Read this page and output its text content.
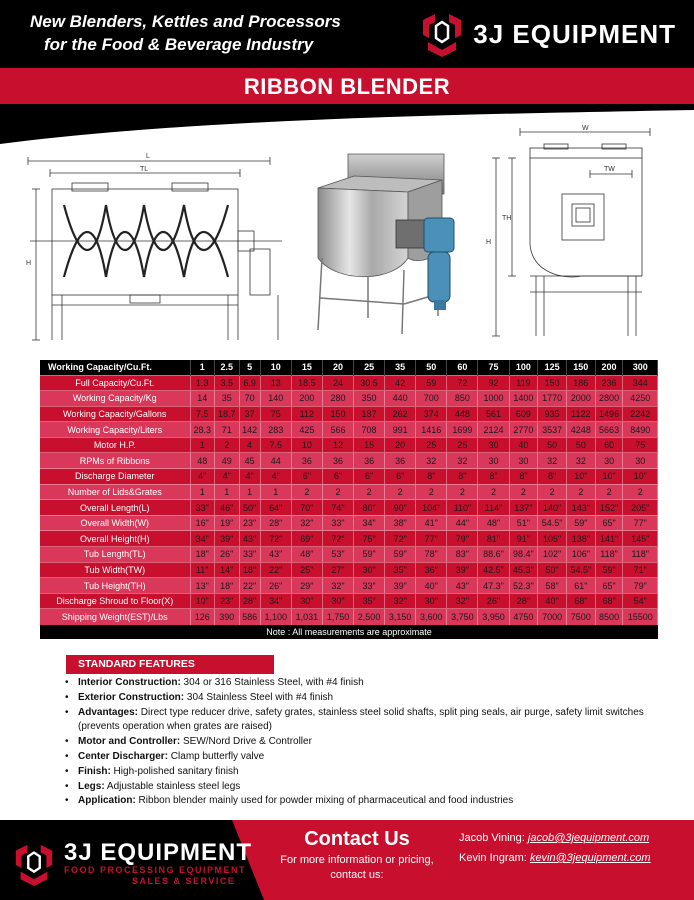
New Blenders, Kettles and Processors
for the Food & Beverage Industry	3J EQUIPMENT
RIBBON BLENDER
L
TL
H
W
TW
H
TH
Working Capacity/Cu.Ft.	1	2.5	5	10	15	20	25	35	50	60	75	100	125	150	200	300
Full Capacity/Cu.Ft.	1.3	3.5	6.9	13	18.5	24	30.5	42	59	72	92	119	150	186	236	344
Working Capacity/Kg	14	35	70	140	200	280	350	440	700	850	1000	1400	1770	2000	2800	4250
Working Capacity/Gallons	7.5	18.7	37	75	112	150	187	262	374	448	561	609	935	1122	1496	2242
Working Capacity/Liters	28.3	71	142	283	425	566	708	991	1416	1699	2124	2770	3537	4248	5663	8490
Motor H.P.	1	2	4	7.5	10	12	15	20	25	25	30	40	50	50	60	75
RPMs of Ribbons	48	49	45	44	36	36	36	36	32	32	30	30	32	32	30	30
Discharge Diameter	4"	4"	4"	4"	6"	6"	6"	6"	8"	8"	8"	8"	8"	10"	10"	10"
Number of Lids&Grates	1	1	1	1	2	2	2	2	2	2	2	2	2	2	2	2
Overall Length(L)	33"	46"	50"	64"	70"	74"	80"	90"	104"	110"	114"	137"	140"	143"	152"	205"
Overall Width(W)	16"	19"	23"	28"	32"	33"	34"	38"	41"	44"	48"	51"	54.5"	59"	65"	77"
Overall Height(H)	34"	39"	43"	72"	69"	72"	75"	72"	77"	79"	81"	91"	105"	138"	141"	145"
Tub Length(TL)	18"	26"	33"	43"	48"	53"	59"	59"	78"	83"	88.6"	98.4"	102"	106"	118"	118"
Tub Width(TW)	11"	14"	18"	22"	25"	27"	30"	35"	36"	39"	42.5"	45.3"	50"	54.5"	59"	71"
Tub Height(TH)	13"	18"	22"	26"	29"	32"	33"	39"	40"	43"	47.3"	52.3"	58"	61"	65"	79"
Discharge Shroud to Floor(X)	10"	23"	28"	34"	30"	30"	35"	32"	30"	32"	26"	28"	40"	68"	68"	54"
Shipping Weight(EST)/Lbs	126	390	586	1,100	1,031	1,750	2,500	3,150	3,600	3,750	3,950	4750	7000	7500	8500	15500
Note : All measurements are approximate
STANDARD FEATURES
• Interior Construction: 304 or 316 Stainless Steel, with #4 finish
• Exterior Construction: 304 Stainless Steel with #4 finish
• Advantages: Direct type reducer drive, safety grates, stainless steel solid shafts, split ping seals, air purge, safety limit switches (prevents operation when grates are raised)
• Motor and Controller: SEW/Nord Drive & Controller
• Center Discharger: Clamp butterfly valve
• Finish: High-polished sanitary finish
• Legs: Adjustable stainless steel legs
• Application: Ribbon blender mainly used for powder mixing of pharmaceutical and food industries
3J EQUIPMENT
FOOD PROCESSING EQUIPMENT
SALES & SERVICE
Contact Us
For more information or pricing, contact us:
Jacob Vining: jacob@3jequipment.com
Kevin Ingram: kevin@3jequipment.com
